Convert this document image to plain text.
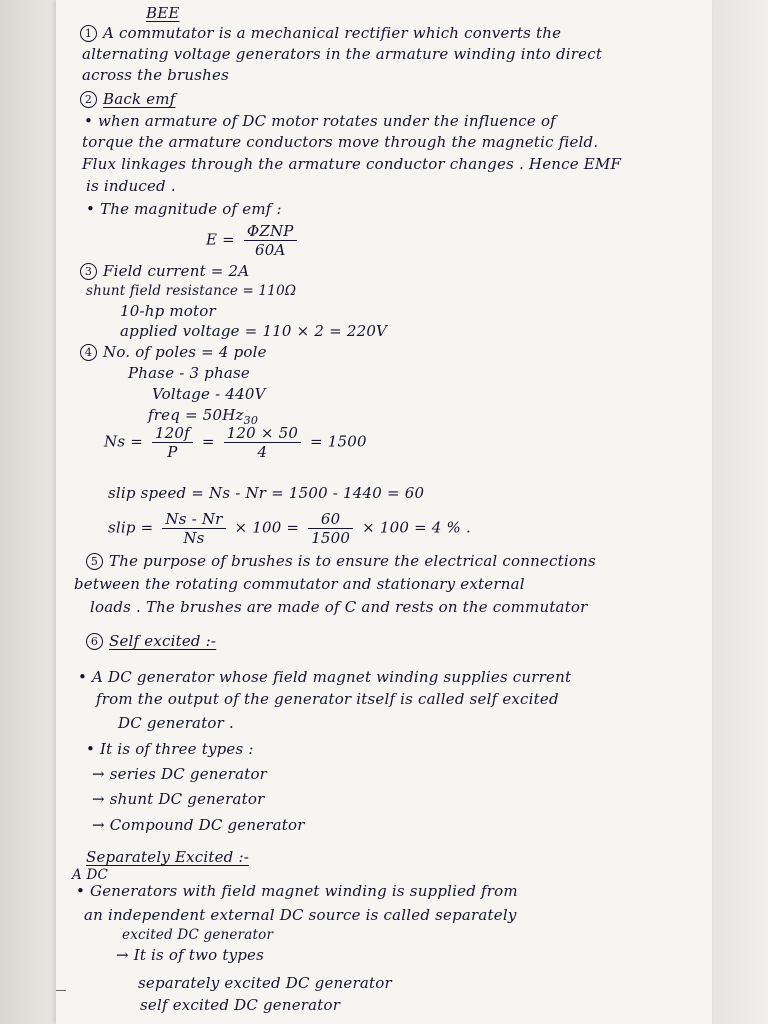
BEE
1 A commutator is a mechanical rectifier which converts the
alternating voltage generators in the armature winding into direct
across the brushes
2 Back emf
• when armature of DC motor rotates under the influence of
torque the armature conductors move through the magnetic field.
Flux linkages through the armature conductor changes . Hence EMF
is induced .
• The magnitude of emf :
$E = \frac{\text{ΦZNP}}{60A}$
3 Field current = 2A
shunt field resistance = 110Ω
10-hp motor
applied voltage = 110 × 2 = 220V
4 No. of poles = 4 pole
Phase - 3 phase
Voltage - 440V
freq = 50Hz
$Ns = \frac{120f}{P}$ =
30
120 × 50
4
= 1500
slip speed = Ns - Nr = 1500 - 1440 = 60
slip = $\frac{Ns - Nr}{Ns} \times 100 = \frac{60}{1500} \times 100 = 4$ % .
5 The purpose of brushes is to ensure the electrical connections
between the rotating commutator and stationary external
loads . The brushes are made of C and rests on the commutator
6 Self excited :-
• A DC generator whose field magnet winding supplies current
from the output of the generator itself is called self excited
DC generator .
• It is of three types :
→ series DC generator
→ shunt DC generator
→ Compound DC generator
Separately Excited :-
A DC
• Generators with field magnet winding is supplied from
an independent external DC source is called separately
excited DC generator
→ It is of two types
separately excited DC generator
self excited DC generator
